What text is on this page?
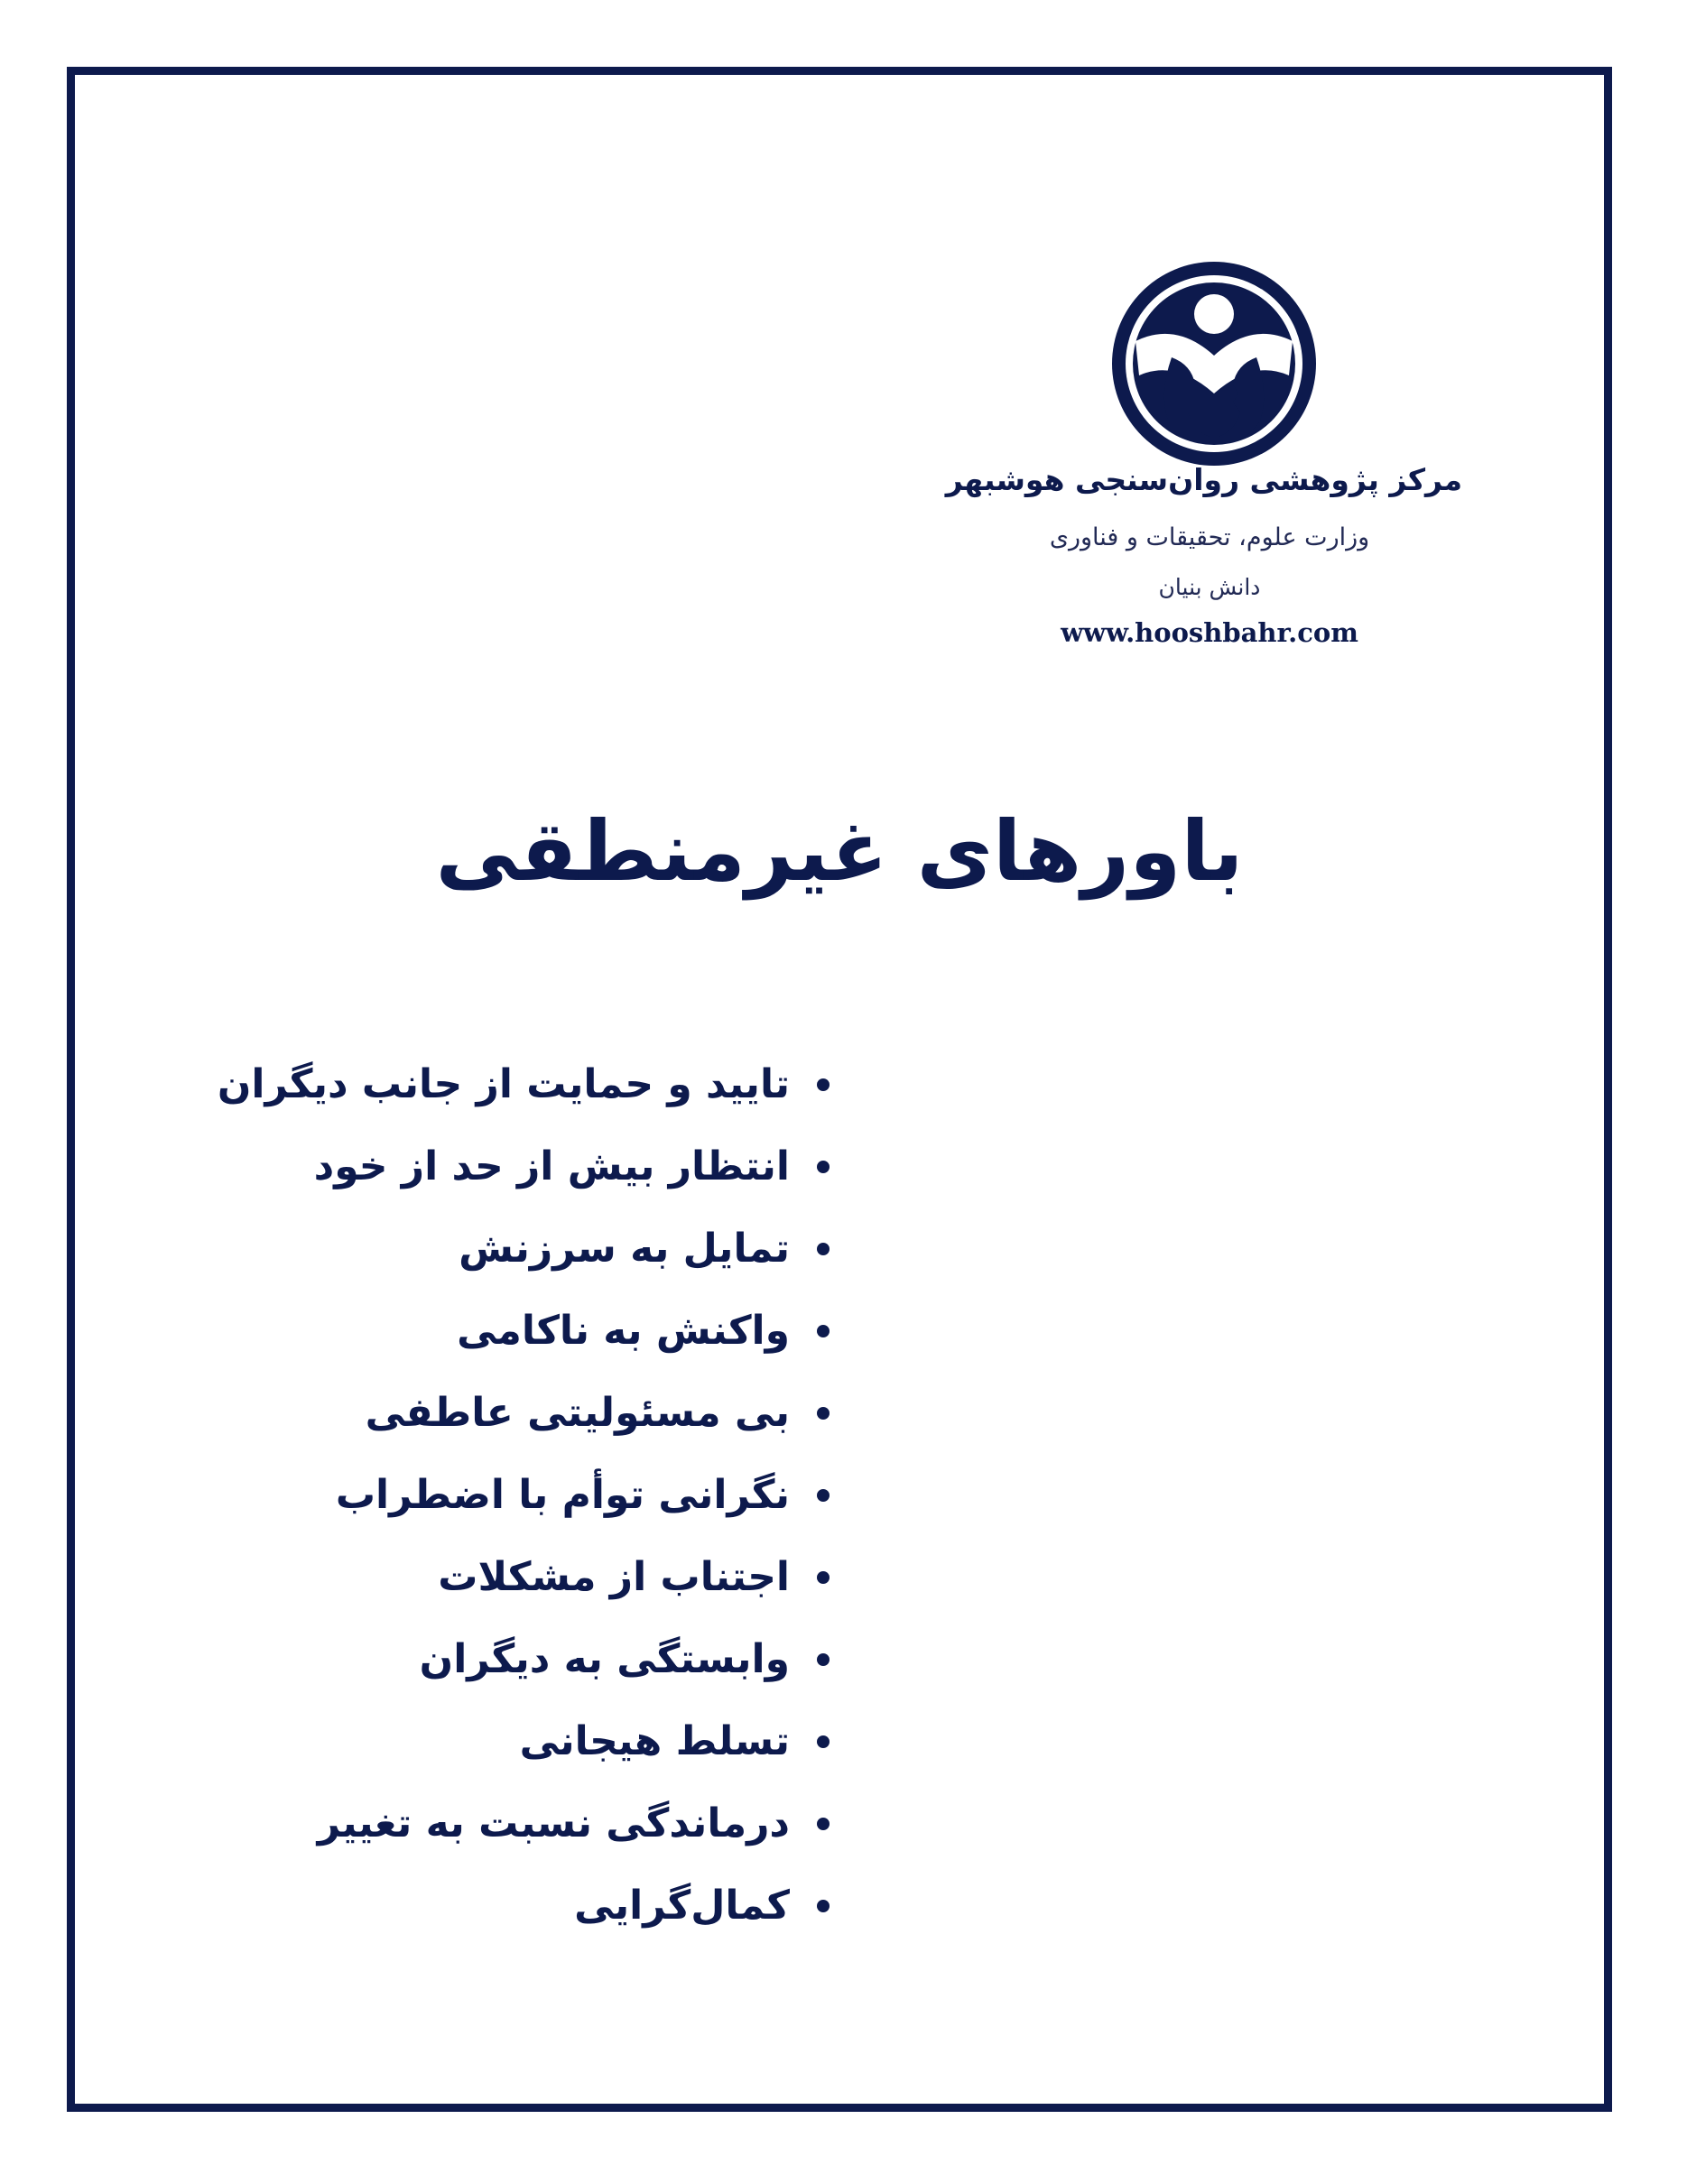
مرکز پژوهشی روان‌سنجی هوشبهر
وزارت علوم، تحقیقات و فناوری
دانش بنیان
www.hooshbahr.com
باورهای غیرمنطقی
تایید و حمایت از جانب دیگران
انتظار بیش از حد از خود
تمایل به سرزنش
واکنش به ناکامی
بی مسئولیتی عاطفی
نگرانی توأم با اضطراب
اجتناب از مشکلات
وابستگی به دیگران
تسلط هیجانی
درماندگی نسبت به تغییر
کمال‌گرایی
